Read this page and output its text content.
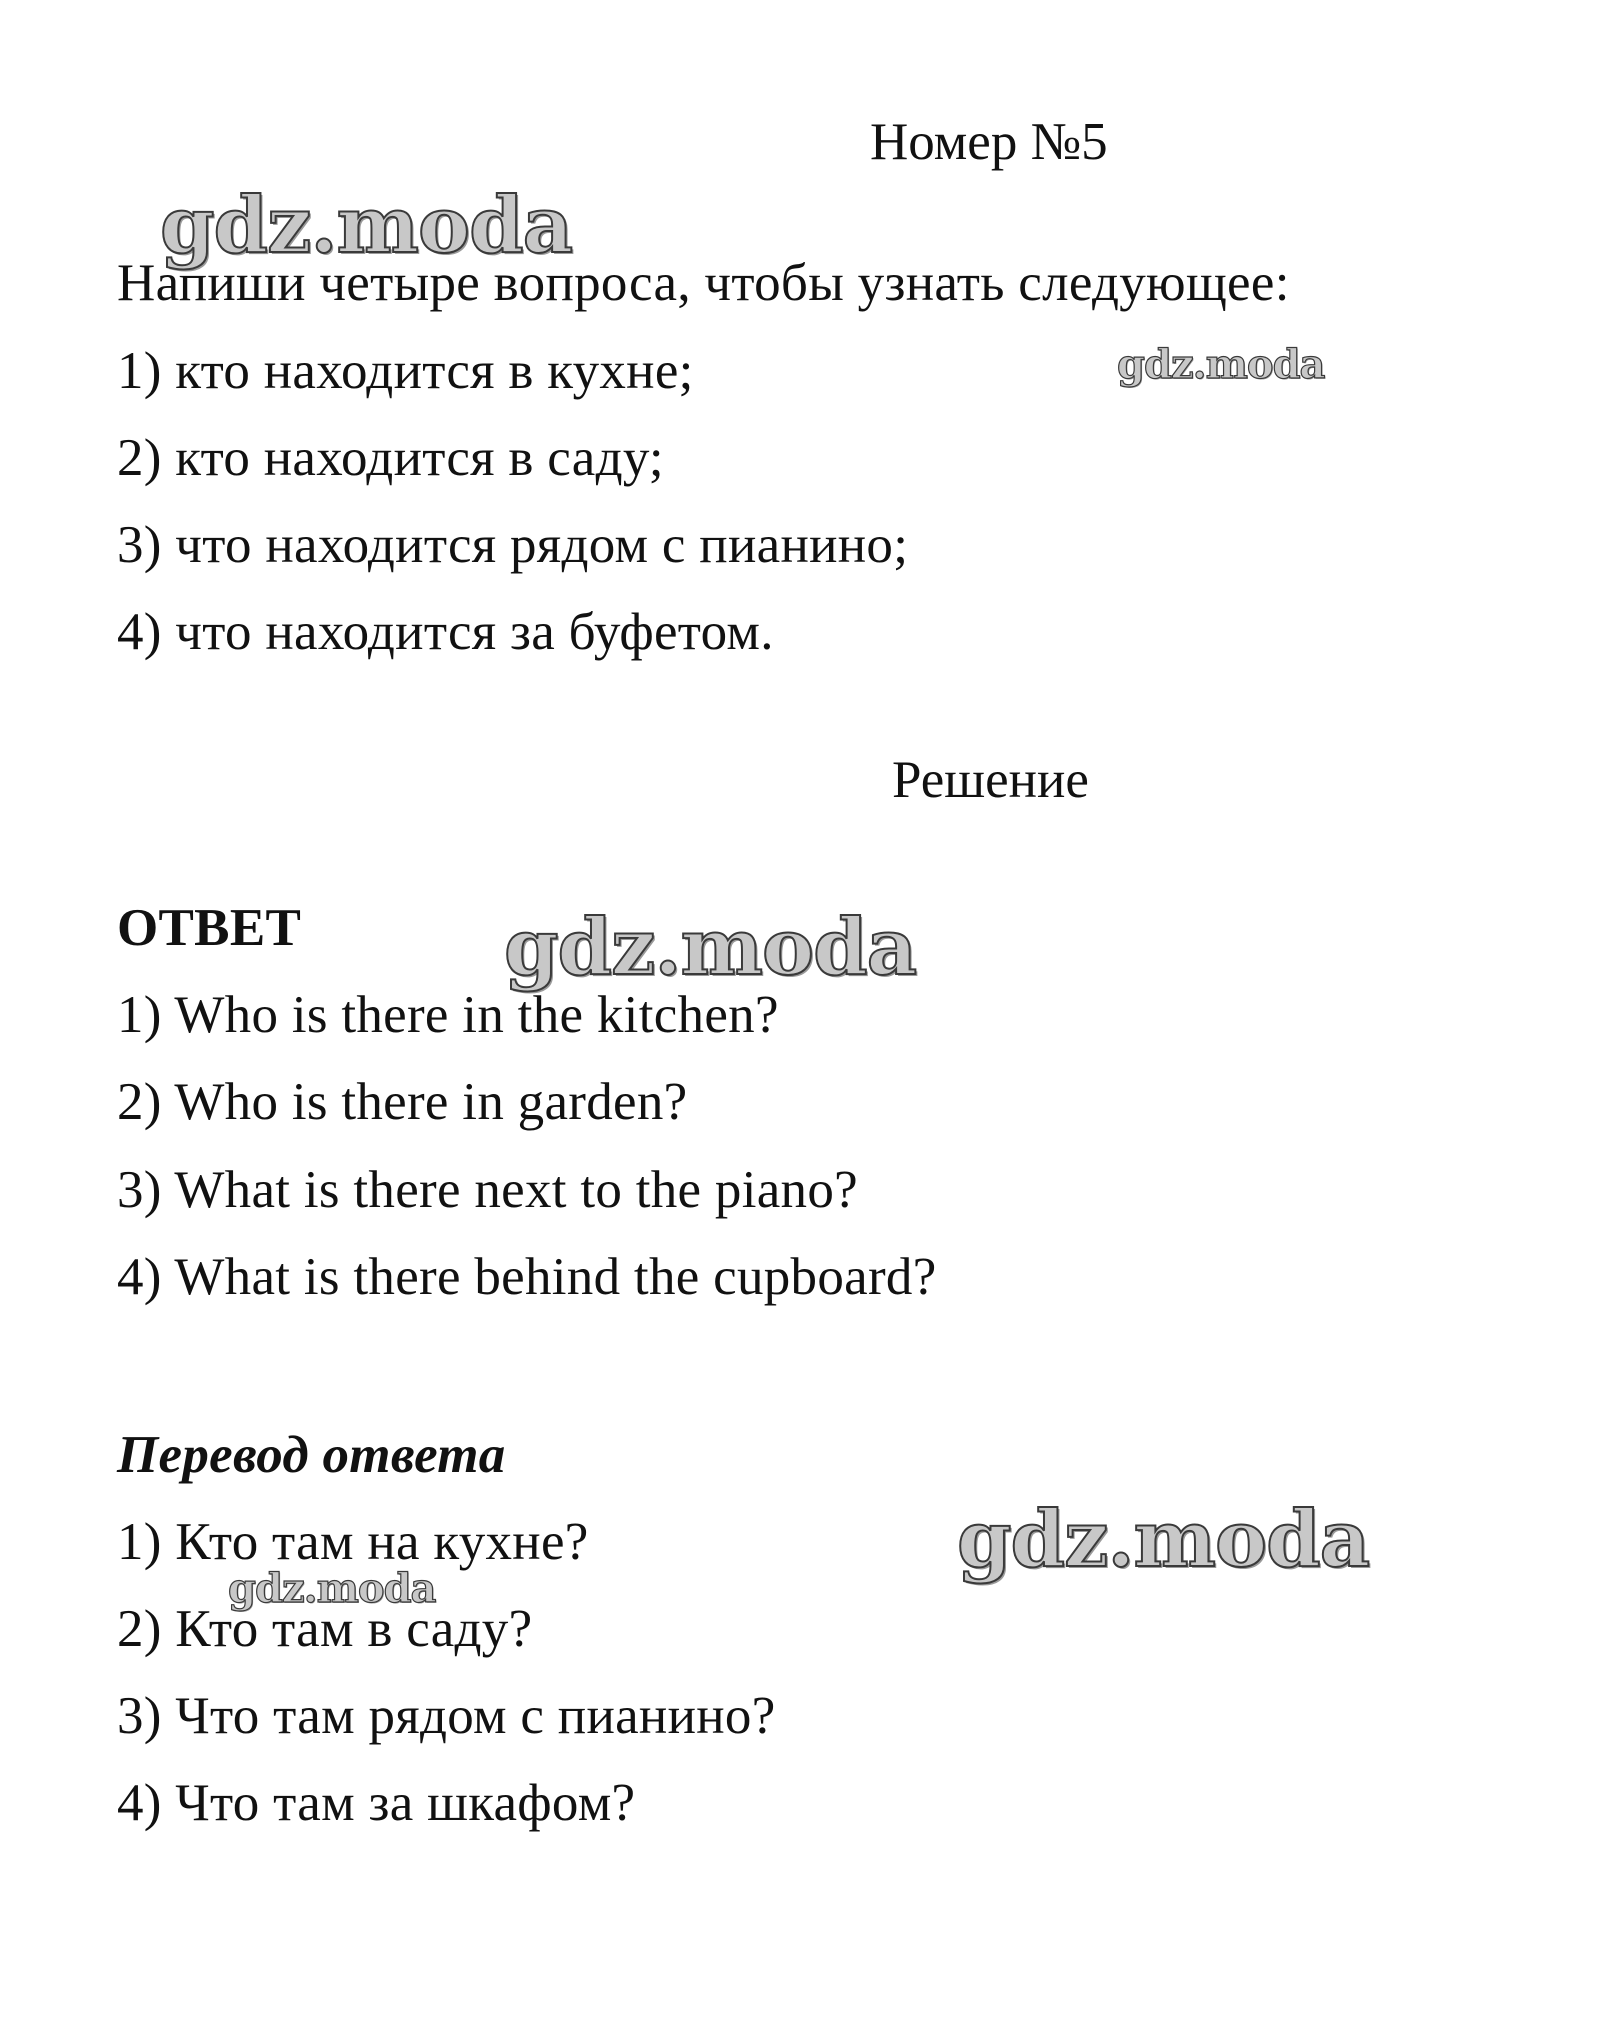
Номер №5
Напиши четыре вопроса, чтобы узнать следующее:
1) кто находится в кухне;
2) кто находится в саду;
3) что находится рядом с пианино;
4) что находится за буфетом.
Решение
ОТВЕТ
1) Who is there in the kitchen?
2) Who is there in garden?
3) What is there next to the piano?
4) What is there behind the cupboard?
Перевод ответа
1) Кто там на кухне?
2) Кто там в саду?
3) Что там рядом с пианино?
4) Что там за шкафом?
gdz.moda
gdz.moda
gdz.moda
gdz.moda
gdz.moda
